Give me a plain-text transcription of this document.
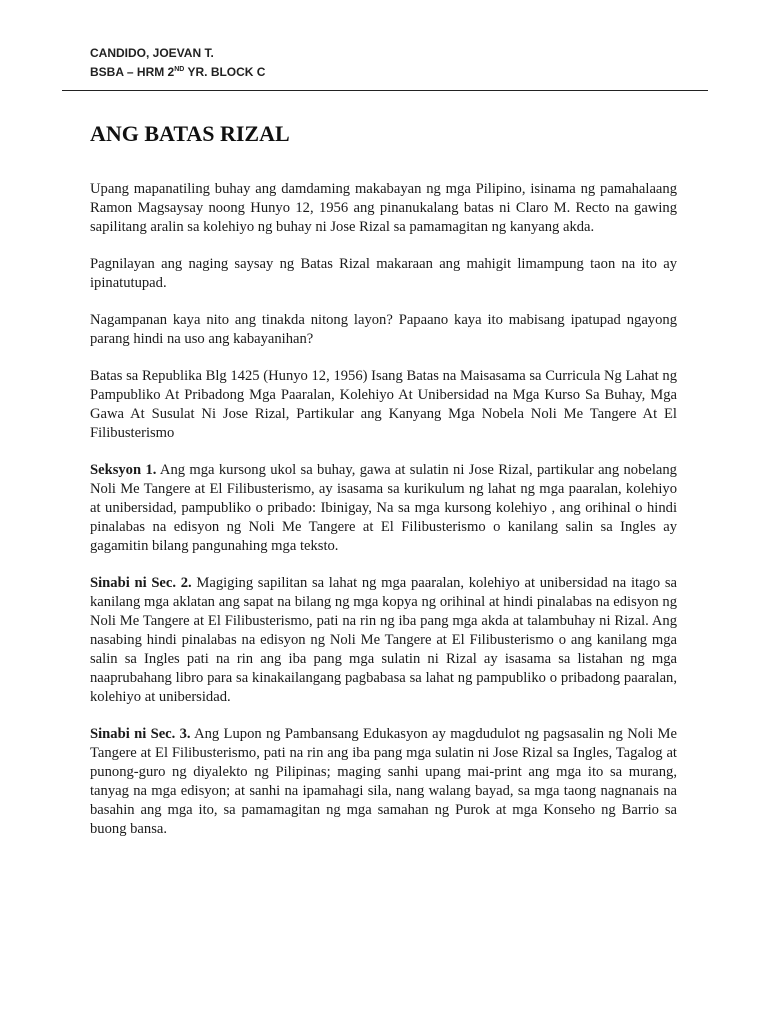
CANDIDO, JOEVAN T.
BSBA – HRM 2ND YR. BLOCK C
ANG BATAS RIZAL

Upang mapanatiling buhay ang damdaming makabayan ng mga Pilipino, isinama ng pamahalaang Ramon Magsaysay noong Hunyo 12, 1956 ang pinanukalang batas ni Claro M. Recto na gawing sapilitang aralin sa kolehiyo ng buhay ni Jose Rizal sa pamamagitan ng kanyang akda.

Pagnilayan ang naging saysay ng Batas Rizal makaraan ang mahigit limampung taon na ito ay ipinatutupad.

Nagampanan kaya nito ang tinakda nitong layon? Papaano kaya ito mabisang ipatupad ngayong parang hindi na uso ang kabayanihan?

Batas sa Republika Blg 1425 (Hunyo 12, 1956) Isang Batas na Maisasama sa Curricula Ng Lahat ng Pampubliko At Pribadong Mga Paaralan, Kolehiyo At Unibersidad na Mga Kurso Sa Buhay, Mga Gawa At Susulat Ni Jose Rizal, Partikular ang Kanyang Mga Nobela Noli Me Tangere At El Filibusterismo

Seksyon 1. Ang mga kursong ukol sa buhay, gawa at sulatin ni Jose Rizal, partikular ang nobelang Noli Me Tangere at El Filibusterismo, ay isasama sa kurikulum ng lahat ng mga paaralan, kolehiyo at unibersidad, pampubliko o pribado: Ibinigay, Na sa mga kursong kolehiyo , ang orihinal o hindi pinalabas na edisyon ng Noli Me Tangere at El Filibusterismo o kanilang salin sa Ingles ay gagamitin bilang pangunahing mga teksto.

Sinabi ni Sec. 2. Magiging sapilitan sa lahat ng mga paaralan, kolehiyo at unibersidad na itago sa kanilang mga aklatan ang sapat na bilang ng mga kopya ng orihinal at hindi pinalabas na edisyon ng Noli Me Tangere at El Filibusterismo, pati na rin ng iba pang mga akda at talambuhay ni Rizal. Ang nasabing hindi pinalabas na edisyon ng Noli Me Tangere at El Filibusterismo o ang kanilang mga salin sa Ingles pati na rin ang iba pang mga sulatin ni Rizal ay isasama sa listahan ng mga naaprubahang libro para sa kinakailangang pagbabasa sa lahat ng pampubliko o pribadong paaralan, kolehiyo at unibersidad.

Sinabi ni Sec. 3. Ang Lupon ng Pambansang Edukasyon ay magdudulot ng pagsasalin ng Noli Me Tangere at El Filibusterismo, pati na rin ang iba pang mga sulatin ni Jose Rizal sa Ingles, Tagalog at punong-guro ng diyalekto ng Pilipinas; maging sanhi upang mai-print ang mga ito sa murang, tanyag na mga edisyon; at sanhi na ipamahagi sila, nang walang bayad, sa mga taong nagnanais na basahin ang mga ito, sa pamamagitan ng mga samahan ng Purok at mga Konseho ng Barrio sa buong bansa.
